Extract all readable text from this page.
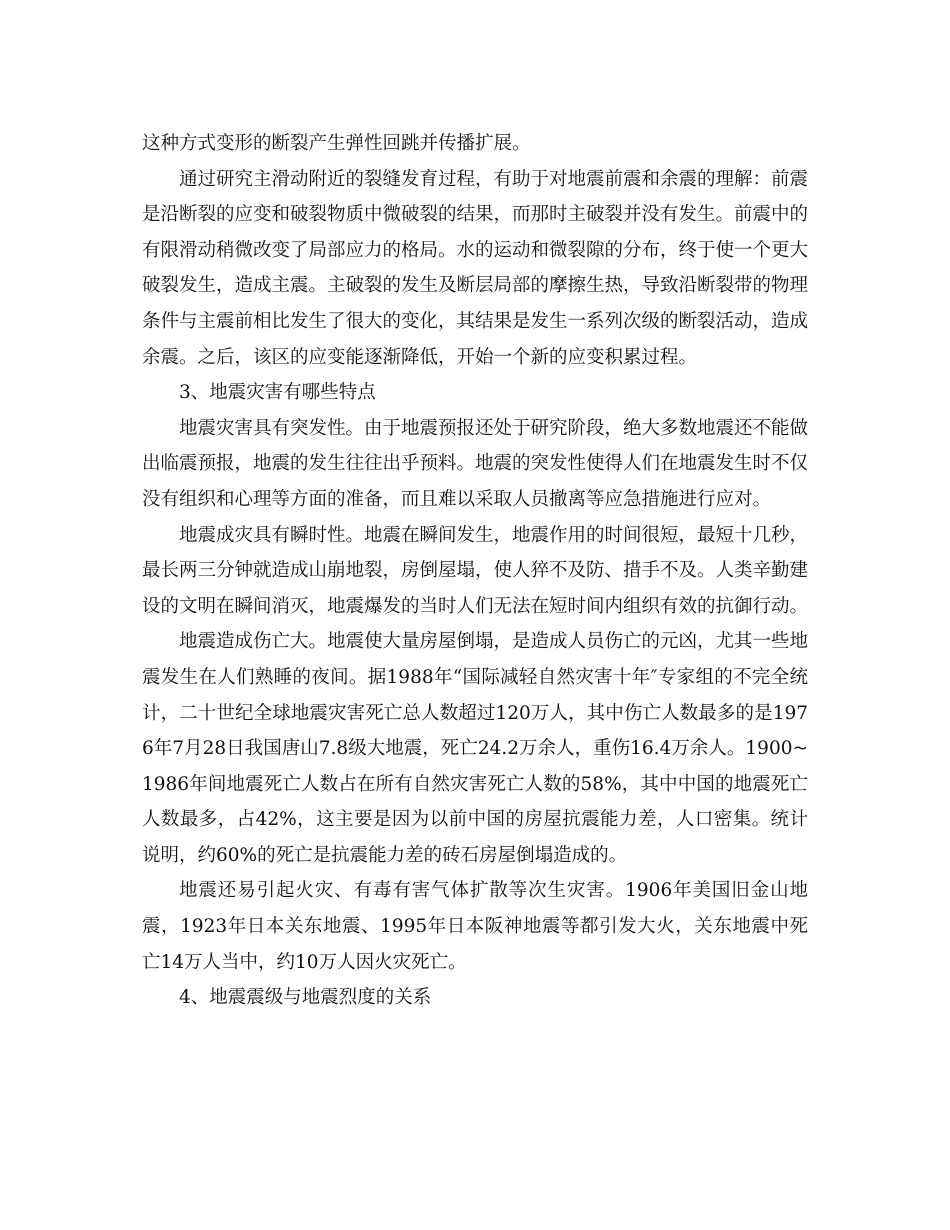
这种方式变形的断裂产生弹性回跳并传播扩展。

通过研究主滑动附近的裂缝发育过程，有助于对地震前震和余震的理解：前震是沿断裂的应变和破裂物质中微破裂的结果，而那时主破裂并没有发生。前震中的有限滑动稍微改变了局部应力的格局。水的运动和微裂隙的分布，终于使一个更大破裂发生，造成主震。主破裂的发生及断层局部的摩擦生热，导致沿断裂带的物理条件与主震前相比发生了很大的变化，其结果是发生一系列次级的断裂活动，造成余震。之后，该区的应变能逐渐降低，开始一个新的应变积累过程。

3、地震灾害有哪些特点

地震灾害具有突发性。由于地震预报还处于研究阶段，绝大多数地震还不能做出临震预报，地震的发生往往出乎预料。地震的突发性使得人们在地震发生时不仅没有组织和心理等方面的准备，而且难以采取人员撤离等应急措施进行应对。

地震成灾具有瞬时性。地震在瞬间发生，地震作用的时间很短，最短十几秒，最长两三分钟就造成山崩地裂，房倒屋塌，使人猝不及防、措手不及。人类辛勤建设的文明在瞬间消灭，地震爆发的当时人们无法在短时间内组织有效的抗御行动。

地震造成伤亡大。地震使大量房屋倒塌，是造成人员伤亡的元凶，尤其一些地震发生在人们熟睡的夜间。据1988年“国际减轻自然灾害十年″专家组的不完全统计，二十世纪全球地震灾害死亡总人数超过120万人，其中伤亡人数最多的是1976年7月28日我国唐山7.8级大地震，死亡24.2万余人，重伤16.4万余人。1900~1986年间地震死亡人数占在所有自然灾害死亡人数的58%，其中中国的地震死亡人数最多，占42%，这主要是因为以前中国的房屋抗震能力差，人口密集。统计说明，约60%的死亡是抗震能力差的砖石房屋倒塌造成的。

地震还易引起火灾、有毒有害气体扩散等次生灾害。1906年美国旧金山地震，1923年日本关东地震、1995年日本阪神地震等都引发大火，关东地震中死亡14万人当中，约10万人因火灾死亡。

4、地震震级与地震烈度的关系
